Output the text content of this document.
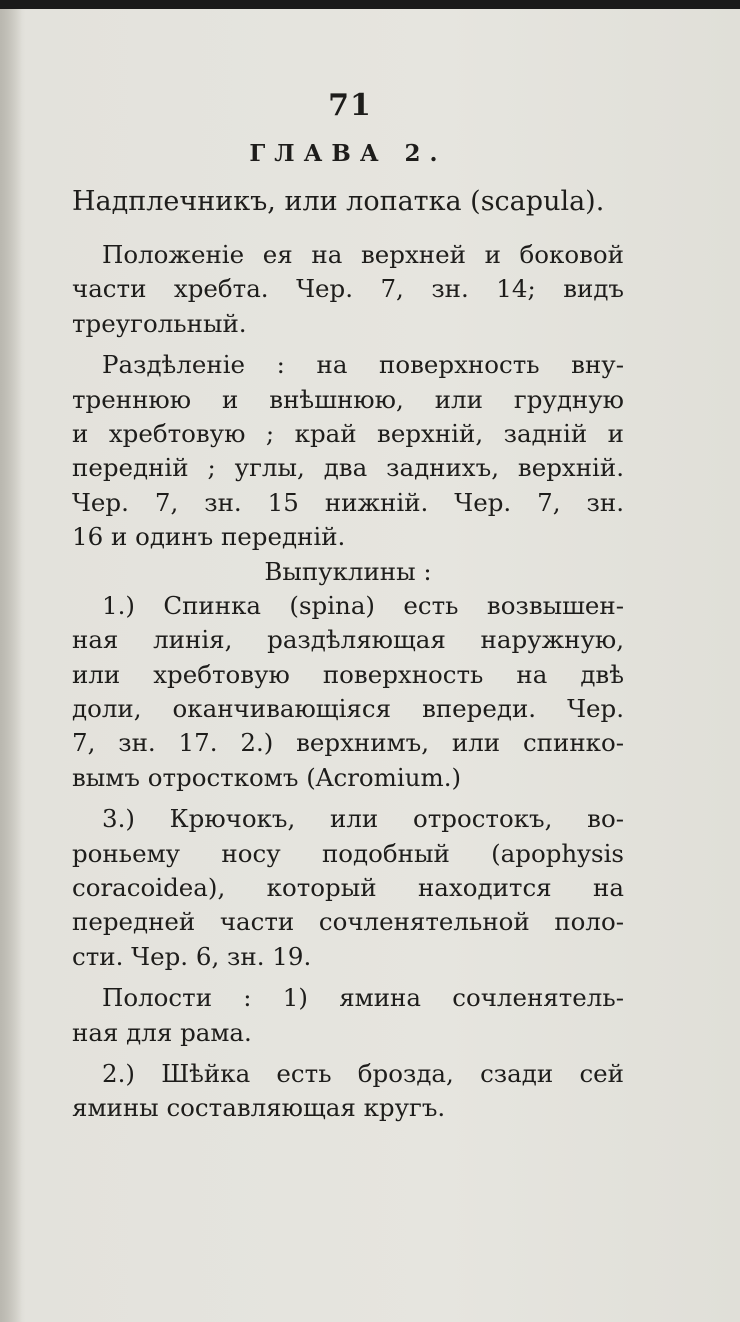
71
ГЛАВА 2.
Надплечникъ, или лопатка (scapula).
Положеніе ея на верхней и боковой
части хребта. Чер. 7, зн. 14; видъ
треугольный.
Раздѣленіе : на поверхность вну-
треннюю и внѣшнюю, или грудную
и хребтовую ; край верхній, задній и
передній ; углы, два заднихъ, верхній.
Чер. 7, зн. 15 нижній. Чер. 7, зн.
16 и одинъ передній.
Выпуклины :
1.) Спинка (spina) есть возвышен-
ная линія, раздѣляющая наружную,
или хребтовую поверхность на двѣ
доли, оканчивающіяся впереди. Чер.
7, зн. 17. 2.) верхнимъ, или спинко-
вымъ отросткомъ (Acromium.)
3.) Крючокъ, или отростокъ, во-
роньему носу подобный (apophysis
coracoidea), который находится на
передней части сочленятельной поло-
сти. Чер. 6, зн. 19.
Полости : 1) ямина сочленятель-
ная для рама.
2.) Шѣйка есть броздa, сзади сей
ямины составляющая кругъ.
